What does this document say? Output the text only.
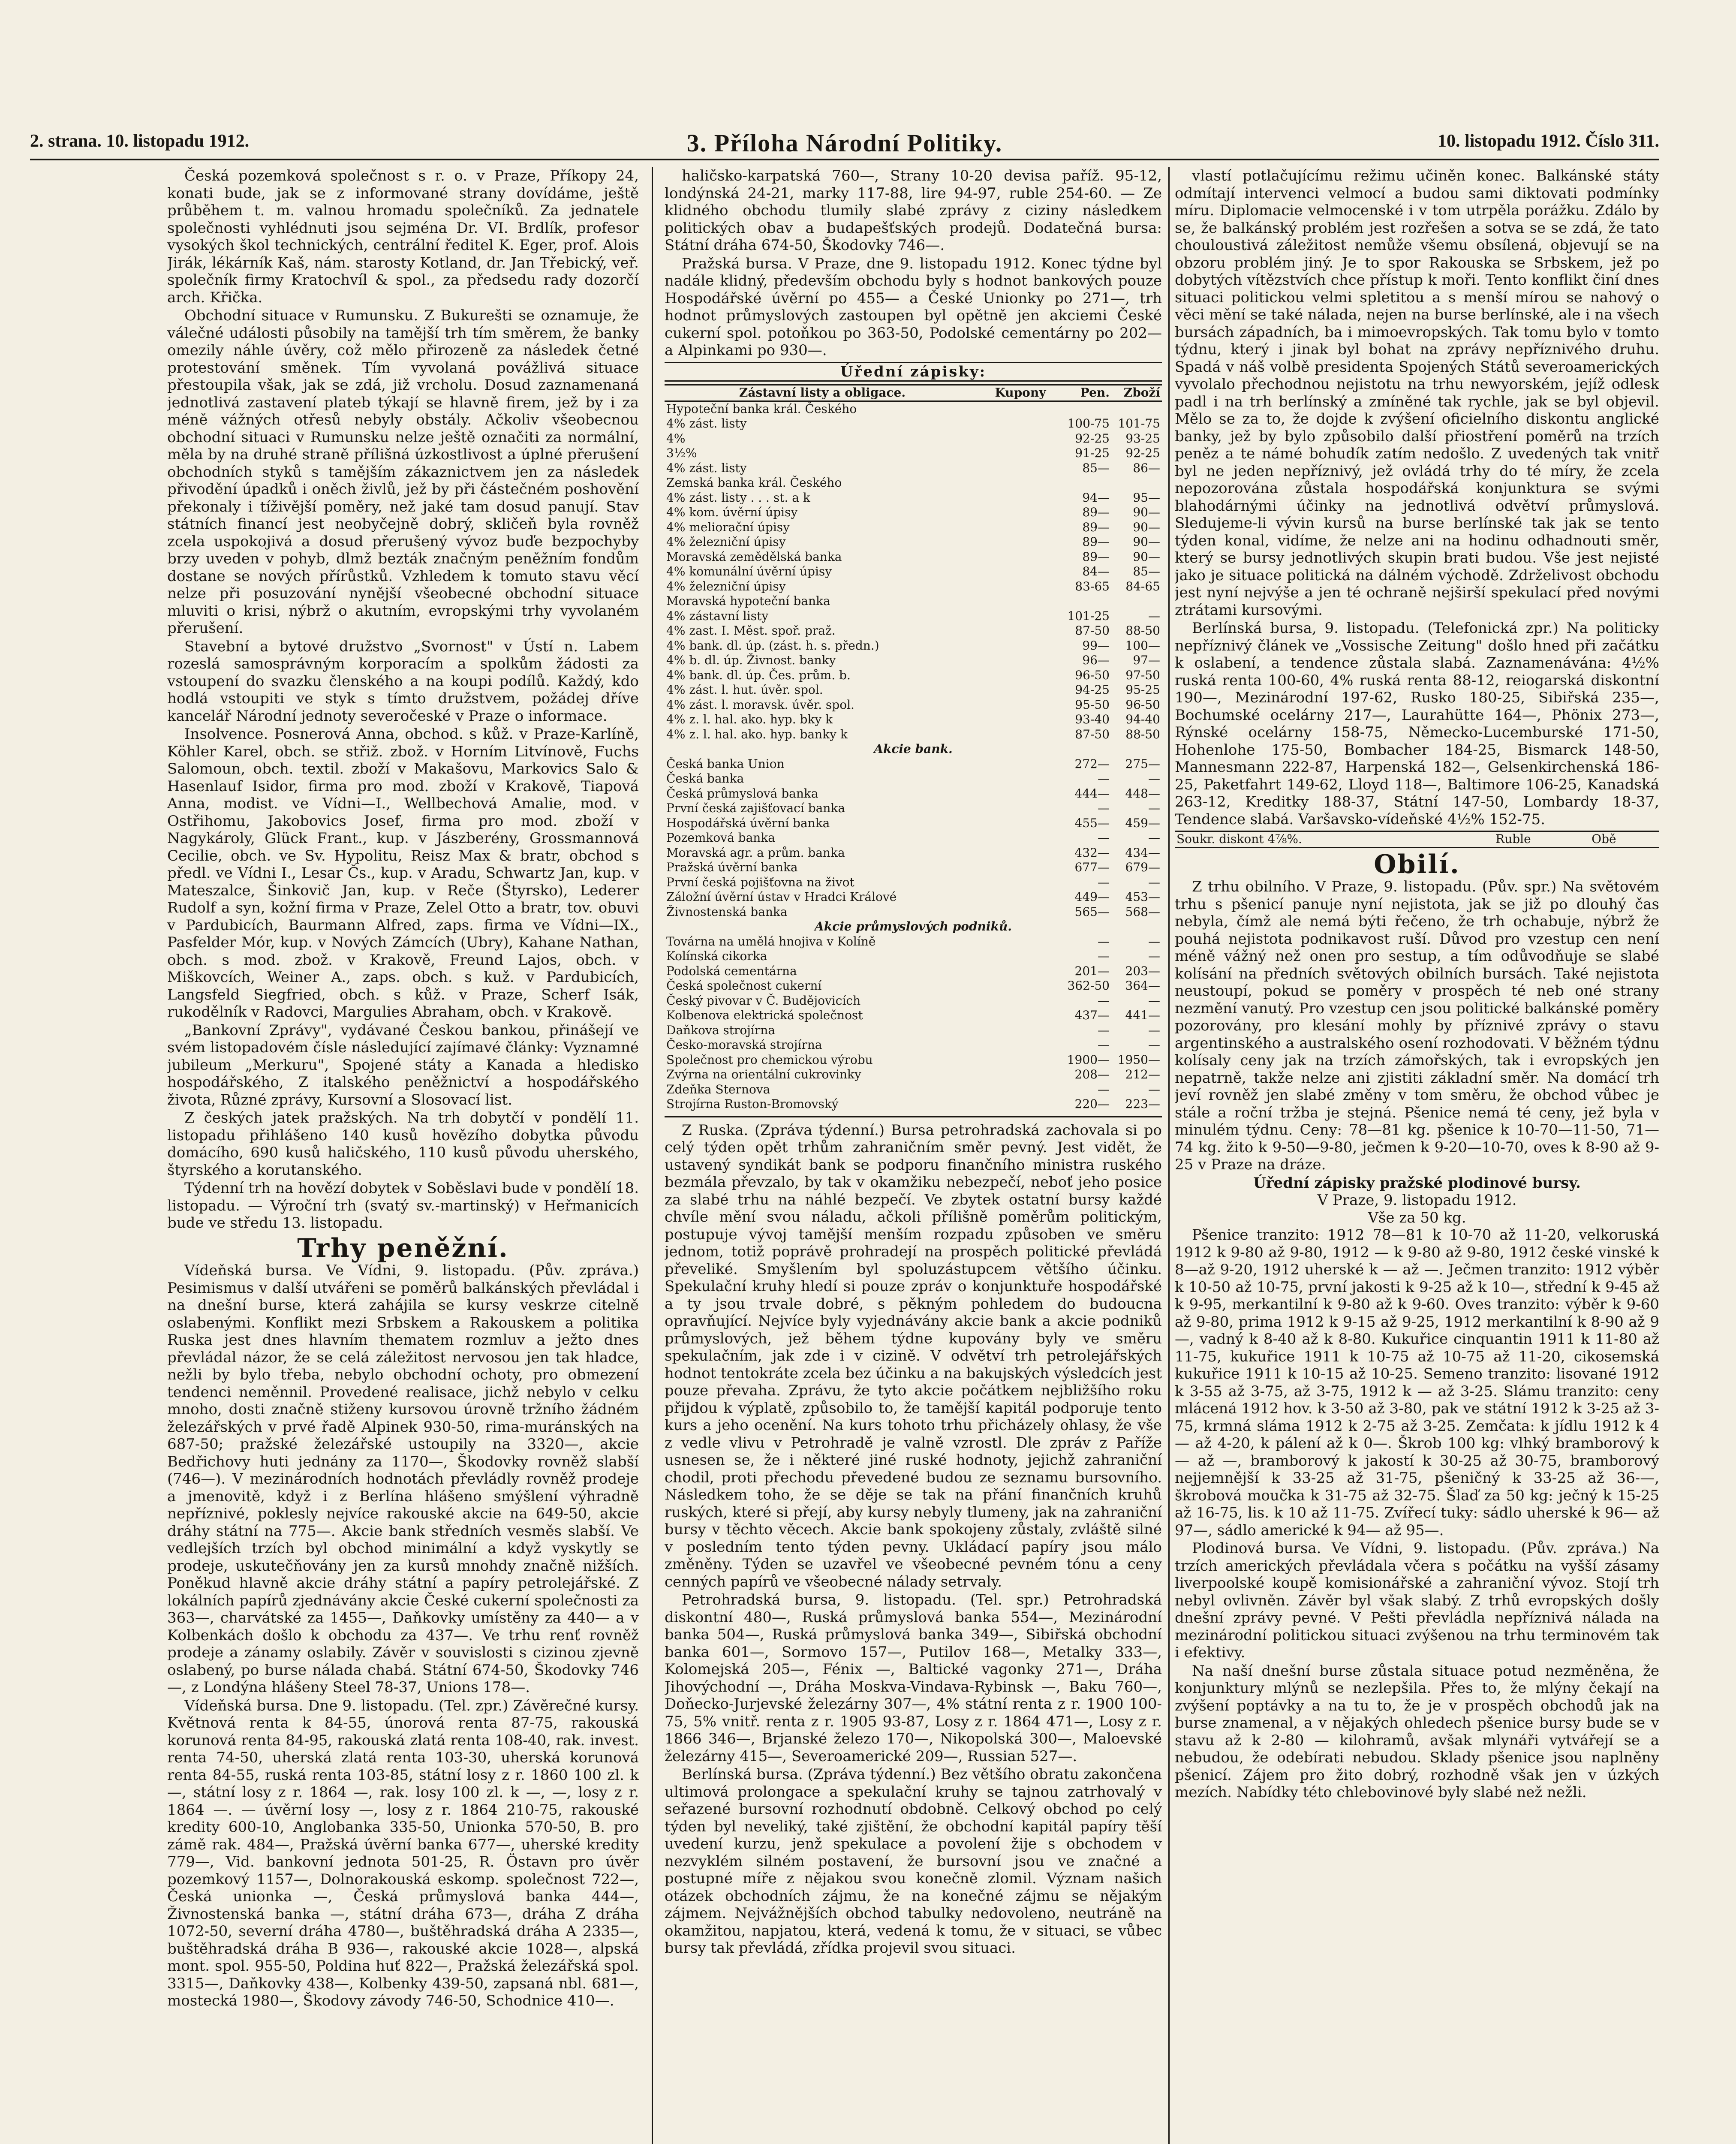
2. strana. 10. listopadu 1912.	3. Příloha Národní Politiky.	10. listopadu 1912. Číslo 311.

Česká pozemková společnost s r. o. v Praze, Příkopy 24, konati bude, jak se z informované strany dovídáme, ještě průběhem t. m. valnou hromadu společníků. Za jednatele společnosti vyhlédnuti jsou sejména Dr. VI. Brdlík, profesor vysokých škol technických, centrální ředitel K. Eger, prof. Alois Jirák, lékárník Kaš, nám. starosty Kotland, dr. Jan Třebický, veř. společník firmy Kratochvíl & spol., za předsedu rady dozorčí arch. Křička.

Obchodní situace v Rumunsku. Z Bukurešti se oznamuje, že válečné události působily na tamější trh tím směrem, že banky omezily náhle úvěry, což mělo přirozeně za následek četné protestování směnek. Tím vyvolaná povážlivá situace přestoupila však, jak se zdá, již vrcholu. Dosud zaznamenaná jednotlivá zastavení plateb týkají se hlavně firem, jež by i za méně vážných otřesů nebyly obstály. Ačkoliv všeobecnou obchodní situaci v Rumunsku nelze ještě označiti za normální, měla by na druhé straně přílišná úzkostlivost a úplné přerušení obchodních styků s tamějším zákaznictvem jen za následek přivodění úpadků i oněch živlů, jež by při částečném poshovění překonaly i tíživější poměry, než jaké tam dosud panují. Stav státních financí jest neobyčejně dobrý, skličeň byla rovněž zcela uspokojivá a dosud přerušený vývoz buďe bezpochyby brzy uveden v pohyb, dlmž bezták značným peněžním fondům dostane se nových přírůstků. Vzhledem k tomuto stavu věcí nelze při posuzování nynější všeobecné obchodní situace mluviti o krisi, nýbrž o akutním, evropskými trhy vyvolaném přerušení.

Stavební a bytové družstvo „Svornost" v Ústí n. Labem rozeslá samosprávným korporacím a spolkům žádosti za vstoupení do svazku členského a na koupi podílů. Každý, kdo hodlá vstoupiti ve styk s tímto družstvem, požádej dříve kancelář Národní jednoty severočeské v Praze o informace.

Insolvence. Posnerová Anna, obchod. s kůž. v Praze-Karlíně, Köhler Karel, obch. se střiž. zbož. v Horním Litvínově, Fuchs Salomoun, obch. textil. zboží v Makašovu, Markovics Salo & Hasenlauf Isidor, firma pro mod. zboží v Krakově, Tiapová Anna, modist. ve Vídni—I., Wellbechová Amalie, mod. v Ostřihomu, Jakobovics Josef, firma pro mod. zboží v Nagykároly, Glück Frant., kup. v Jászberény, Grossmannová Cecilie, obch. ve Sv. Hypolitu, Reisz Max & bratr, obchod s předl. ve Vídni I., Lesar Čs., kup. v Aradu, Schwartz Jan, kup. v Mateszalce, Šinkovič Jan, kup. v Reče (Štyrsko), Lederer Rudolf a syn, kožní firma v Praze, Zelel Otto a bratr, tov. obuvi v Pardubicích, Baurmann Alfred, zaps. firma ve Vídni—IX., Pasfelder Mór, kup. v Nových Zámcích (Ubry), Kahane Nathan, obch. s mod. zbož. v Krakově, Freund Lajos, obch. v Miškovcích, Weiner A., zaps. obch. s kuž. v Pardubicích, Langsfeld Siegfried, obch. s kůž. v Praze, Scherf Isák, rukodělník v Radovci, Margulies Abraham, obch. v Krakově.

„Bankovní Zprávy", vydávané Českou bankou, přinášejí ve svém listopadovém čísle následující zajímavé články: Vyznamné jubileum „Merkuru", Spojené státy a Kanada a hledisko hospodářského, Z italského peněžnictví a hospodářského života, Různé zprávy, Kursovní a Slosovací list.

Z českých jatek pražských. Na trh dobytčí v pondělí 11. listopadu přihlášeno 140 kusů hovězího dobytka původu domácího, 690 kusů haličského, 110 kusů původu uherského, štyrského a korutanského.

Týdenní trh na hovězí dobytek v Soběslavi bude v pondělí 18. listopadu. — Výroční trh (svatý sv.-martinský) v Heřmanicích bude ve středu 13. listopadu.

Trhy peněžní.

Vídeňská bursa. Ve Vídni, 9. listopadu. (Pův. zpráva.) Pesimismus v další utvářeni se poměrů balkánských převládal i na dnešní burse, která zahájila se kursy veskrze citelně oslabenými. Konflikt mezi Srbskem a Rakouskem a politika Ruska jest dnes hlavním thematem rozmluv a ježto dnes převládal názor, že se celá záležitost nervosou jen tak hladce, nežli by bylo třeba, nebylo obchodní ochoty, pro obmezení tendenci neměnnil. Provedené realisace, jichž nebylo v celku mnoho, dosti značně stiženy kursovou úrovně tržního žádném železářských v prvé řadě Alpinek 930-50, rima-muránských na 687-50; pražské železářské ustoupily na 3320—, akcie Bedřichovy huti jednány za 1170—, Škodovky rovněž slabší (746—). V mezinárodních hodnotách převládly rovněž prodeje a jmenovitě, když i z Berlína hlášeno smýšlení výhradně nepříznivé, poklesly nejvíce rakouské akcie na 649-50, akcie dráhy státní na 775—. Akcie bank středních vesměs slabší. Ve vedlejších trzích byl obchod minimální a když vyskytly se prodeje, uskutečňovány jen za kursů mnohdy značně nižších. Poněkud hlavně akcie dráhy státní a papíry petrolejářské. Z lokálních papírů zjednávány akcie České cukerní společnosti za 363—, charvátské za 1455—, Daňkovky umístěny za 440— a v Kolbenkách došlo k obchodu za 437—. Ve trhu renť rovněž prodeje a zánamy oslabily. Závěr v souvislosti s cizinou zjevně oslabený, po burse nálada chabá. Státní 674-50, Škodovky 746—, z Londýna hlášeny Steel 78-37, Unions 178—.

Vídeňská bursa. Dne 9. listopadu. (Tel. zpr.) Závěrečné kursy. Květnová renta k 84-55, únorová renta 87-75, rakouská korunová renta 84-95, rakouská zlatá renta 108-40, rak. invest. renta 74-50, uherská zlatá renta 103-30, uherská korunová renta 84-55, ruská renta 103-85, státní losy z r. 1860 100 zl. k —, státní losy z r. 1864 —, rak. losy 100 zl. k —, —, losy z r. 1864 —. — úvěrní losy —, losy z r. 1864 210-75, rakouské kredity 600-10, Anglobanka 335-50, Unionka 570-50, B. pro zámě rak. 484—, Pražská úvěrní banka 677—, uherské kredity 779—, Vid. bankovní jednota 501-25, R. Östavn pro úvěr pozemkový 1157—, Dolnorakouská eskomp. společnost 722—, Česká unionka —, Česká průmyslová banka 444—, Živnostenská banka —, státní dráha 673—, dráha Z dráha 1072-50, severní dráha 4780—, buštěhradská dráha A 2335—, buštěhradská dráha B 936—, rakouské akcie 1028—, alpská mont. spol. 955-50, Poldina huť 822—, Pražská železářská spol. 3315—, Daňkovky 438—, Kolbenky 439-50, zapsaná nbl. 681—, mostecká 1980—, Škodovy závody 746-50, Schodnice 410—.

haličsko-karpatská 760—, Strany 10-20 devisa paříž. 95-12, londýnská 24-21, marky 117-88, lire 94-97, ruble 254-60. — Ze klidného obchodu tlumily slabé zprávy z ciziny následkem politických obav a budapešťských prodejů. Dodatečná bursa: Státní dráha 674-50, Škodovky 746—.

Pražská bursa. V Praze, dne 9. listopadu 1912. Konec týdne byl nadále klidný, především obchodu byly s hodnot bankových pouze Hospodářské úvěrní po 455— a České Unionky po 271—, trh hodnot průmyslových zastoupen byl opětně jen akciemi České cukerní spol. potoňkou po 363-50, Podolské cementárny po 202— a Alpinkami po 930—.

Úřední zápisky:
Zástavní listy a obligace.	Kupony	Pen.	Zboží
Hypoteční banka král. Českého			
4% zást. listy		100-75	101-75
4%		92-25	93-25
3½%		91-25	92-25
4% zást. listy		85—	86—
Zemská banka král. Českého			
4% zást. listy . . . st. a k		94—	95—
4% kom. úvěrní úpisy		89—	90—
4% meliorační úpisy		89—	90—
4% železniční úpisy		89—	90—
Moravská zemědělská banka		89—	90—
4% komunální úvěrní úpisy		84—	85—
4% železniční úpisy		83-65	84-65
Moravská hypoteční banka			
4% zástavní listy		101-25	—
4% zast. I. Měst. spoř. praž.		87-50	88-50
4% bank. dl. úp. (zást. h. s. předn.)		99—	100—
4% b. dl. úp. Živnost. banky		96—	97—
4% bank. dl. úp. Čes. prům. b.		96-50	97-50
4% zást. l. hut. úvěr. spol.		94-25	95-25
4% zást. l. moravsk. úvěr. spol.		95-50	96-50
4% z. l. hal. ako. hyp. bky k		93-40	94-40
4% z. l. hal. ako. hyp. banky k		87-50	88-50
Akcie bank.			
Česká banka Union		272—	275—
Česká banka		—	—
Česká průmyslová banka		444—	448—
První česká zajišťovací banka		—	—
Hospodářská úvěrní banka		455—	459—
Pozemková banka		—	—
Moravská agr. a prům. banka		432—	434—
Pražská úvěrní banka		677—	679—
První česká pojišťovna na život		—	—
Záložní úvěrní ústav v Hradci Králové		449—	453—
Živnostenská banka		565—	568—
Akcie průmyslových podniků.			
Továrna na umělá hnojiva v Kolíně		—	—
Kolínská cikorka		—	—
Podolská cementárna		201—	203—
Česká společnost cukerní		362-50	364—
Český pivovar v Č. Budějovicích		—	—
Kolbenova elektrická společnost		437—	441—
Daňkova strojírna		—	—
Česko-moravská strojírna		—	—
Společnost pro chemickou výrobu		1900—	1950—
Zvýrna na orientální cukrovinky		208—	212—
Zdeňka Sternova		—	—
Strojírna Ruston-Bromovský		220—	223—

Z Ruska. (Zpráva týdenní.) Bursa petrohradská zachovala si po celý týden opět trhům zahraničním směr pevný. Jest vidět, že ustavený syndikát bank se podporu finančního ministra ruského bezmála převzalo, by tak v okamžiku nebezpečí, neboť jeho posice za slabé trhu na náhlé bezpečí. Ve zbytek ostatní bursy každé chvíle mění svou náladu, ačkoli přílišně poměrům politickým, postupuje vývoj tamější menším rozpadu způsoben ve směru jednom, totiž poprávě prohradejí na prospěch politické převládá převeliké. Smyšlením byl spoluzástupcem většího účinku. Spekulační kruhy hledí si pouze zpráv o konjunktuře hospodářské a ty jsou trvale dobré, s pěkným pohledem do budoucna opravňující. Nejvíce byly vyjednávány akcie bank a akcie podniků průmyslových, jež během týdne kupovány byly ve směru spekulačním, jak zde i v cizině. V odvětví trh petrolejářských hodnot tentokráte zcela bez účinku a na bakujských výsledcích jest pouze převaha. Zprávu, že tyto akcie počátkem nejbližšího roku přijdou k výplatě, způsobilo to, že tamější kapitál podporuje tento kurs a jeho ocenění. Na kurs tohoto trhu přicházely ohlasy, že vše z vedle vlivu v Petrohradě je valně vzrostl. Dle zpráv z Paříže usnesen se, že i některé jiné ruské hodnoty, jejichž zahraniční chodil, proti přechodu převedené budou ze seznamu bursovního. Následkem toho, že se děje se tak na přání finančních kruhů ruských, které si přejí, aby kursy nebyly tlumeny, jak na zahraniční bursy v těchto věcech. Akcie bank spokojeny zůstaly, zvláště silné v posledním tento týden pevny. Ukládací papíry jsou málo změněny. Týden se uzavřel ve všeobecné pevném tónu a ceny cenných papírů ve všeobecné nálady setrvaly.

Petrohradská bursa, 9. listopadu. (Tel. spr.) Petrohradská diskontní 480—, Ruská průmyslová banka 554—, Mezinárodní banka 504—, Ruská průmyslová banka 349—, Sibiřská obchodní banka 601—, Sormovo 157—, Putilov 168—, Metalky 333—, Kolomejská 205—, Fénix —, Baltické vagonky 271—, Dráha Jihovýchodní —, Dráha Moskva-Vindava-Rybinsk —, Baku 760—, Doňecko-Jurjevské železárny 307—, 4% státní renta z r. 1900 100-75, 5% vnitř. renta z r. 1905 93-87, Losy z r. 1864 471—, Losy z r. 1866 346—, Brjanské železo 170—, Nikopolská 300—, Maloevské železárny 415—, Severoamerické 209—, Russian 527—.

Berlínská bursa. (Zpráva týdenní.) Bez většího obratu zakončena ultimová prolongace a spekulační kruhy se tajnou zatrhovalý v seřazené bursovní rozhodnutí obdobně. Celkový obchod po celý týden byl neveliký, také zjištění, že obchodní kapitál papíry těší uvedení kurzu, jenž spekulace a povolení žije s obchodem v nezvyklém silném postavení, že bursovní jsou ve značné a postupné míře z nějakou svou konečně zlomil. Význam našich otázek obchodních zájmu, že na konečné zájmu se nějakým zájmem. Nejvážnějších obchod tabulky nedovoleno, neutráně na okamžitou, napjatou, která, vedená k tomu, že v situaci, se vůbec bursy tak převládá, zřídka projevil svou situaci.

vlastí potlačujícímu režimu učiněn konec. Balkánské státy odmítají intervenci velmocí a budou sami diktovati podmínky míru. Diplomacie velmocenské i v tom utrpěla porážku. Zdálo by se, že balkánský problém jest rozřešen a sotva se se zdá, že tato chouloustivá záležitost nemůže všemu obsílená, objevují se na obzoru problém jiný. Je to spor Rakouska se Srbskem, jež po dobytých vítězstvích chce přístup k moři. Tento konflikt činí dnes situaci politickou velmi spletitou a s menší mírou se nahový o věci mění se také nálada, nejen na burse berlínské, ale i na všech bursách západních, ba i mimoevropských. Tak tomu bylo v tomto týdnu, který i jinak byl bohat na zprávy nepříznivého druhu. Spadá v náš volbě presidenta Spojených Států severoamerických vyvolalo přechodnou nejistotu na trhu newyorském, jejíž odlesk padl i na trh berlínský a zmíněné tak rychle, jak se byl objevil. Mělo se za to, že dojde k zvýšení oficielního diskontu anglické banky, jež by bylo způsobilo další přiostření poměrů na trzích peněz a te námé bohudík zatím nedošlo. Z uvedených tak vnitř byl ne jeden nepříznivý, jež ovládá trhy do té míry, že zcela nepozorována zůstala hospodářská konjunktura se svými blahodárnými účinky na jednotlivá odvětví průmyslová. Sledujeme-li vývin kursů na burse berlínské tak jak se tento týden konal, vidíme, že nelze ani na hodinu odhadnouti směr, který se bursy jednotlivých skupin brati budou. Vše jest nejisté jako je situace politická na dálném východě. Zdrželivost obchodu jest nyní nejvýše a jen té ochraně nejširší spekulací před novými ztrátami kursovými.

Berlínská bursa, 9. listopadu. (Telefonická zpr.) Na politicky nepříznivý článek ve „Vossische Zeitung" došlo hned při začátku k oslabení, a tendence zůstala slabá. Zaznamenávána: 4½% ruská renta 100-60, 4% ruská renta 88-12, reiogarská diskontní 190—, Mezinárodní 197-62, Rusko 180-25, Sibiřská 235—, Bochumské ocelárny 217—, Laurahütte 164—, Phönix 273—, Rýnské ocelárny 158-75, Německo-Lucemburské 171-50, Hohenlohe 175-50, Bombacher 184-25, Bismarck 148-50, Mannesmann 222-87, Harpenská 182—, Gelsenkirchenská 186-25, Paketfahrt 149-62, Lloyd 118—, Baltimore 106-25, Kanadská 263-12, Kreditky 188-37, Státní 147-50, Lombardy 18-37, Tendence slabá. Varšavsko-vídeňské 4½% 152-75.

Soukr. diskont 4⅞%.	Ruble	Obě
Obilí.

Z trhu obilního. V Praze, 9. listopadu. (Pův. spr.) Na světovém trhu s pšenicí panuje nyní nejistota, jak se již po dlouhý čas nebyla, čímž ale nemá býti řečeno, že trh ochabuje, nýbrž že pouhá nejistota podnikavost ruší. Důvod pro vzestup cen není méně vážný než onen pro sestup, a tím odůvodňuje se slabé kolísání na předních světových obilních bursách. Také nejistota neustoupí, pokud se poměry v prospěch té neb oné strany nezmění vanutý. Pro vzestup cen jsou politické balkánské poměry pozorovány, pro klesání mohly by příznivé zprávy o stavu argentinského a australského osení rozhodovati. V běžném týdnu kolísaly ceny jak na trzích zámořských, tak i evropských jen nepatrně, takže nelze ani zjistiti základní směr. Na domácí trh jeví rovněž jen slabé změny v tom směru, že obchod vůbec je stále a roční tržba je stejná. Pšenice nemá té ceny, jež byla v minulém týdnu. Ceny: 78—81 kg. pšenice k 10-70—11-50, 71—74 kg. žito k 9-50—9-80, ječmen k 9-20—10-70, oves k 8-90 až 9-25 v Praze na dráze.

Úřední zápisky pražské plodinové bursy.
V Praze, 9. listopadu 1912.
Vše za 50 kg.

Pšenice tranzito: 1912 78—81 k 10-70 až 11-20, velkoruská 1912 k 9-80 až 9-80, 1912 — k 9-80 až 9-80, 1912 české vinské k 8—až 9-20, 1912 uherské k — až —. Ječmen tranzito: 1912 výběr k 10-50 až 10-75, první jakosti k 9-25 až k 10—, střední k 9-45 až k 9-95, merkantilní k 9-80 až k 9-60. Oves tranzito: výběr k 9-60 až 9-80, prima 1912 k 9-15 až 9-25, 1912 merkantilní k 8-90 až 9—, vadný k 8-40 až k 8-80. Kukuřice cinquantin 1911 k 11-80 až 11-75, kukuřice 1911 k 10-75 až 10-75 až 11-20, cikosemská kukuřice 1911 k 10-15 až 10-25. Semeno tranzito: lisované 1912 k 3-55 až 3-75, až 3-75, 1912 k — až 3-25. Slámu tranzito: ceny mlácená 1912 hov. k 3-50 až 3-80, pak ve státní 1912 k 3-25 až 3-75, krmná sláma 1912 k 2-75 až 3-25. Zemčata: k jídlu 1912 k 4— až 4-20, k pálení až k 0—. Škrob 100 kg: vlhký bramborový k — až —, bramborový k jakostí k 30-25 až 30-75, bramborový nejjemnější k 33-25 až 31-75, pšeničný k 33-25 až 36-—, škrobová moučka k 31-75 až 32-75. Šlaď za 50 kg: ječný k 15-25 až 16-75, lis. k 10 až 11-75. Zvířecí tuky: sádlo uherské k 96— až 97—, sádlo americké k 94— až 95—.

Plodinová bursa. Ve Vídni, 9. listopadu. (Pův. zpráva.) Na trzích amerických převládala včera s počátku na vyšší zásamy liverpoolské koupě komisionářské a zahraniční vývoz. Stojí trh nebyl ovlivněn. Závěr byl však slabý. Z trhů evropských došly dnešní zprávy pevné. V Pešti převládla nepříznivá nálada na mezinárodní politickou situaci zvýšenou na trhu terminovém tak i efektivy.

Na naší dnešní burse zůstala situace potud nezměněna, že konjunktury mlýnů se nezlepšila. Přes to, že mlýny čekají na zvýšení poptávky a na tu to, že je v prospěch obchodů jak na burse znamenal, a v nějakých ohledech pšenice bursy bude se v stavu až k 2-80 — kilohramů, avšak mlynáři vytvářejí se a nebudou, že odebírati nebudou. Sklady pšenice jsou naplněny pšenicí. Zájem pro žito dobrý, rozhodně však jen v úzkých mezích. Nabídky této chlebovinové byly slabé než nežli.
